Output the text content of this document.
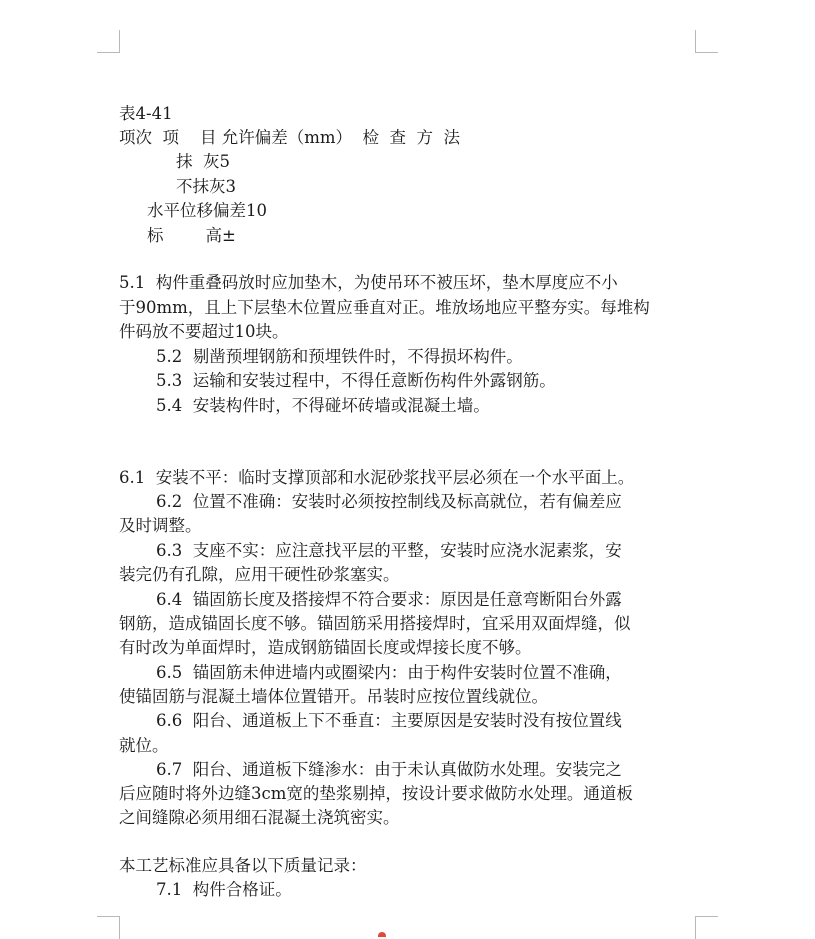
表4-41
项次  项    目 允许偏差（mm）  检  查  方  法
抹  灰5
不抹灰3
水平位移偏差10
标        高±
5.1  构件重叠码放时应加垫木，为使吊环不被压坏，垫木厚度应不小
于90mm，且上下层垫木位置应垂直对正。堆放场地应平整夯实。每堆构
件码放不要超过10块。
5.2  剔凿预埋钢筋和预埋铁件时，不得损坏构件。
5.3  运输和安装过程中，不得任意断伤构件外露钢筋。
5.4  安装构件时，不得碰坏砖墙或混凝土墙。
6.1  安装不平：临时支撑顶部和水泥砂浆找平层必须在一个水平面上。
6.2  位置不准确：安装时必须按控制线及标高就位，若有偏差应
及时调整。
6.3  支座不实：应注意找平层的平整，安装时应浇水泥素浆，安
装完仍有孔隙，应用干硬性砂浆塞实。
6.4  锚固筋长度及搭接焊不符合要求：原因是任意弯断阳台外露
钢筋，造成锚固长度不够。锚固筋采用搭接焊时，宜采用双面焊缝，似
有时改为单面焊时，造成钢筋锚固长度或焊接长度不够。
6.5  锚固筋未伸进墙内或圈梁内：由于构件安装时位置不准确，
使锚固筋与混凝土墙体位置错开。吊装时应按位置线就位。
6.6  阳台、通道板上下不垂直：主要原因是安装时没有按位置线
就位。
6.7  阳台、通道板下缝渗水：由于未认真做防水处理。安装完之
后应随时将外边缝3cm宽的垫浆剔掉，按设计要求做防水处理。通道板
之间缝隙必须用细石混凝土浇筑密实。
本工艺标准应具备以下质量记录：
7.1  构件合格证。
